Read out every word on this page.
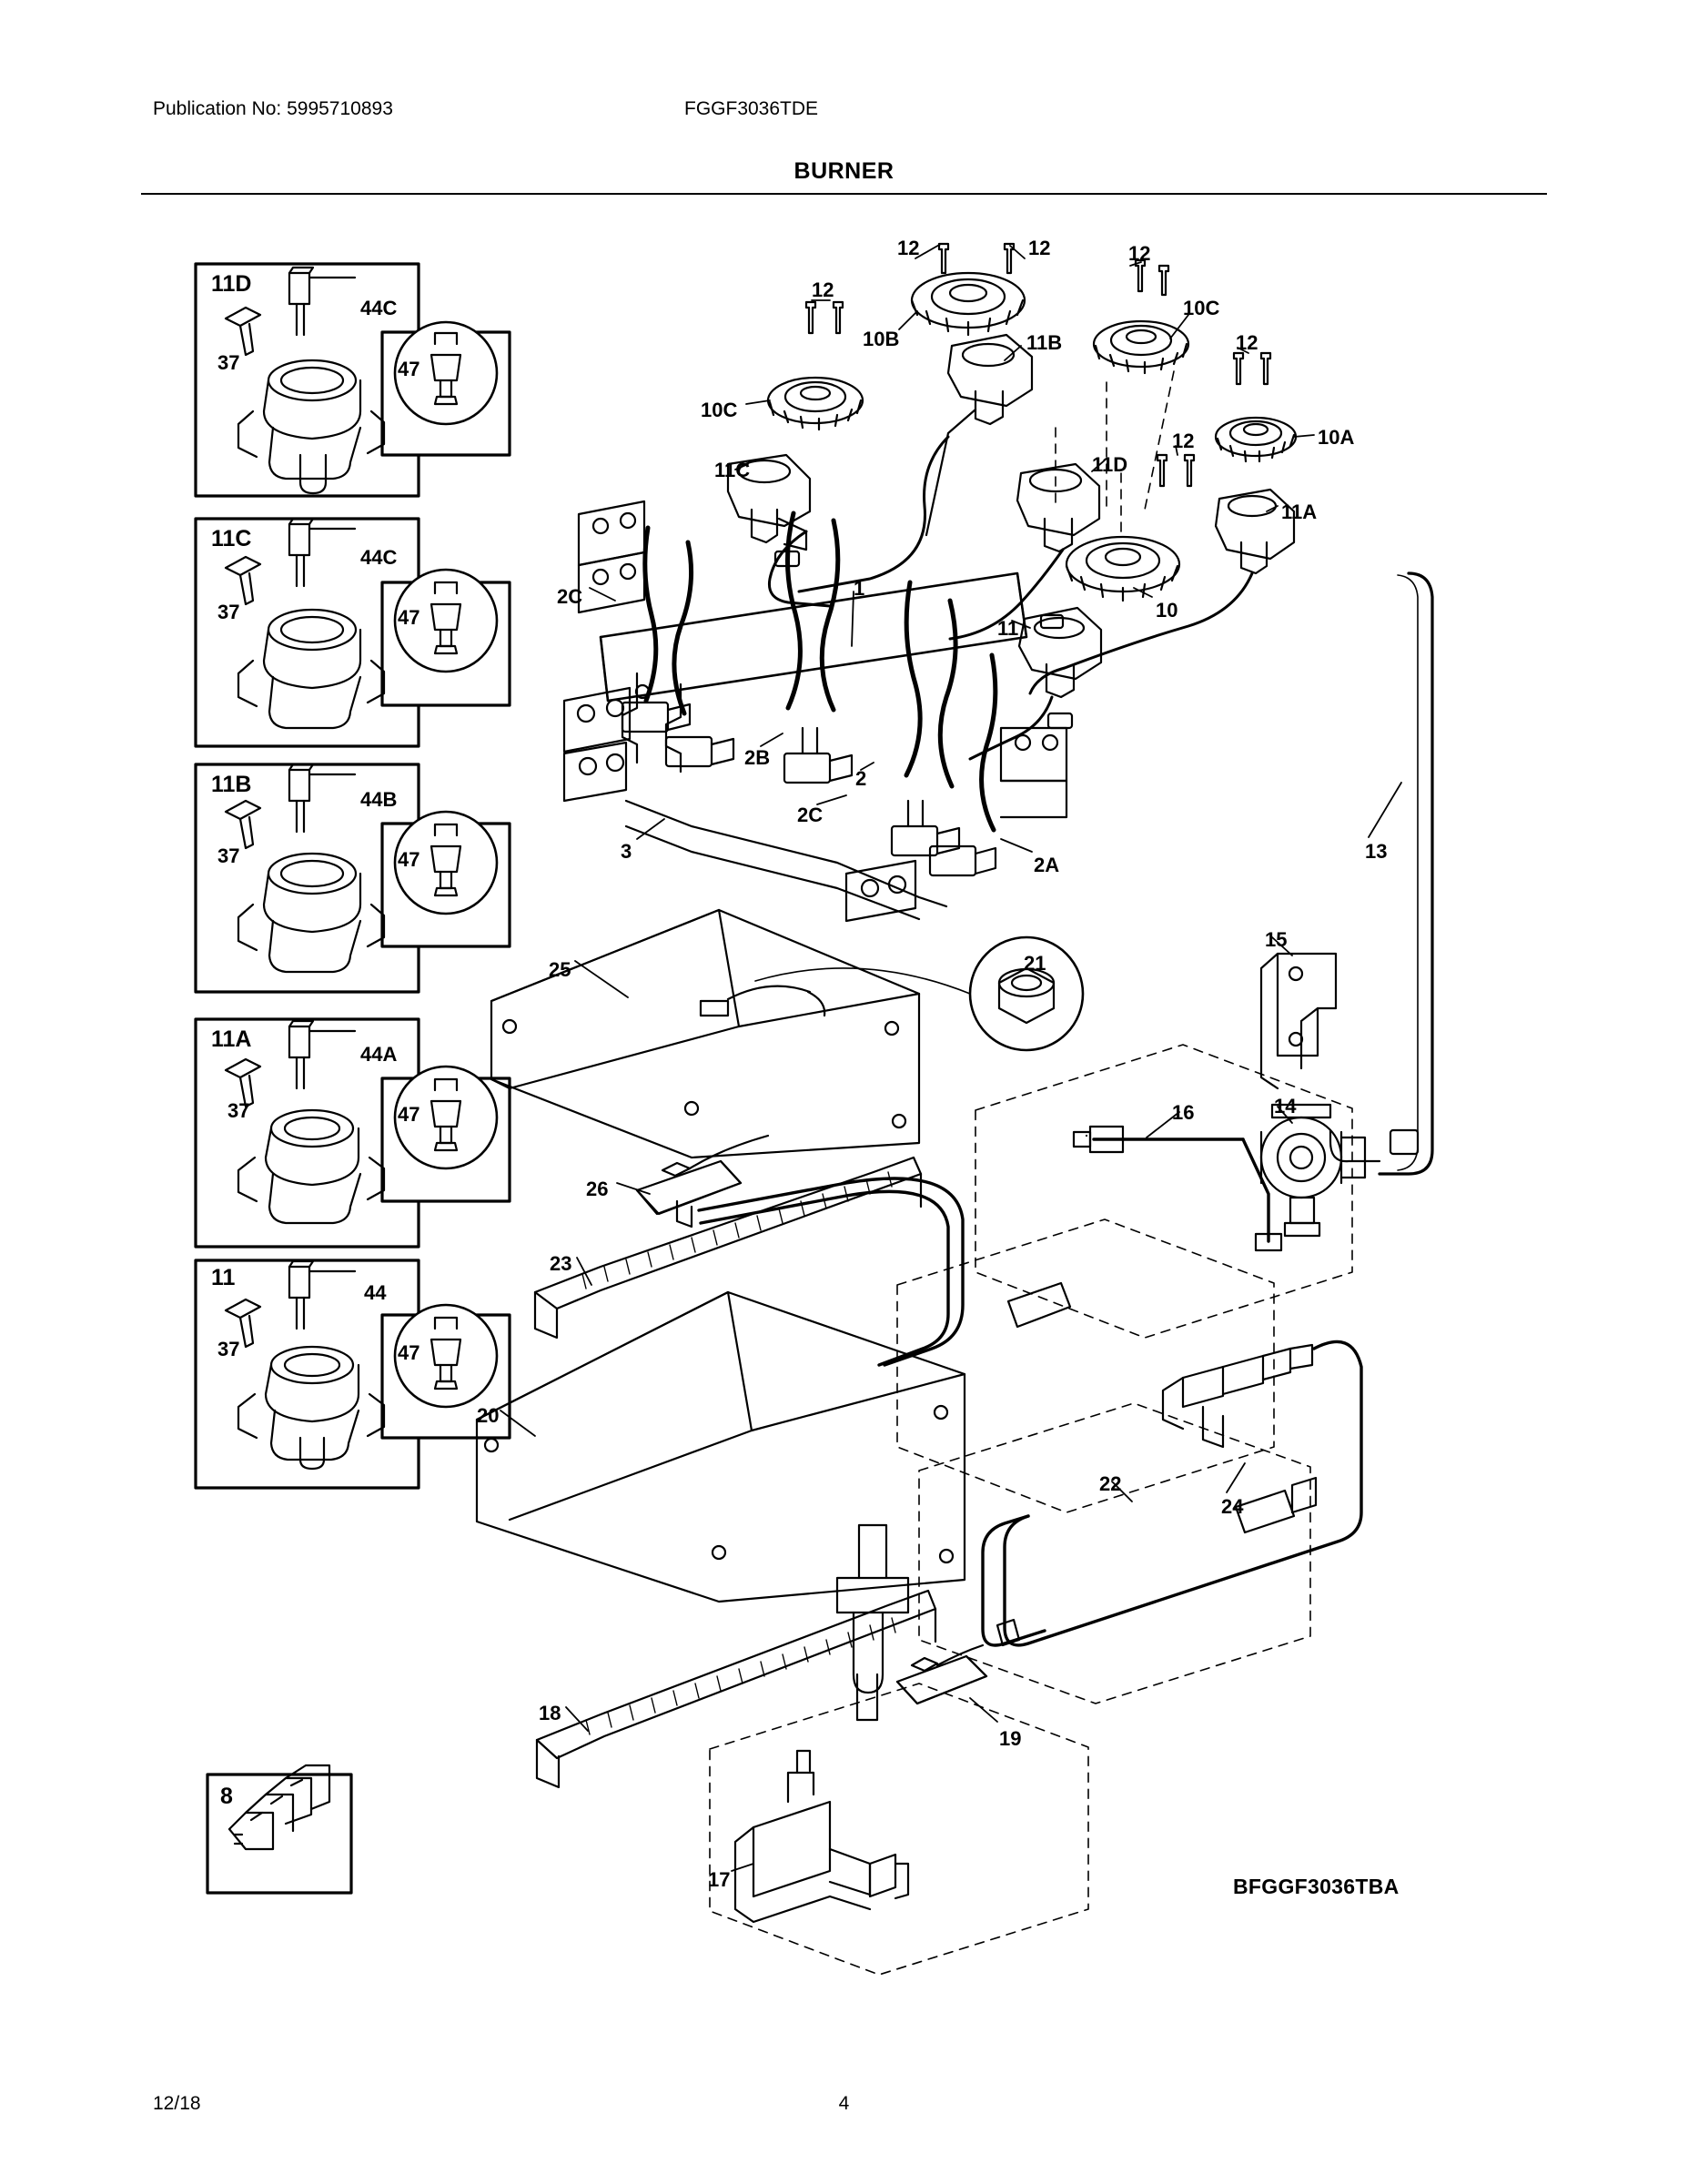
Publication No: 5995710893	FGGF3036TDE
BURNER
11D
37
44C
47
11C
37
44C
47
11B
37
44B
47
11A
37
44A
47
11
37
44
47
8
12	12	12
12
10B	11B
10C
12
10C
11C	11D
12	10A
11A
2C	1
10
11
2B
2
2C
3
2A
13
25	21
15
16	14
26
23
20
24
22
18
19
17	BFGGF3036TBA
12/18	4
